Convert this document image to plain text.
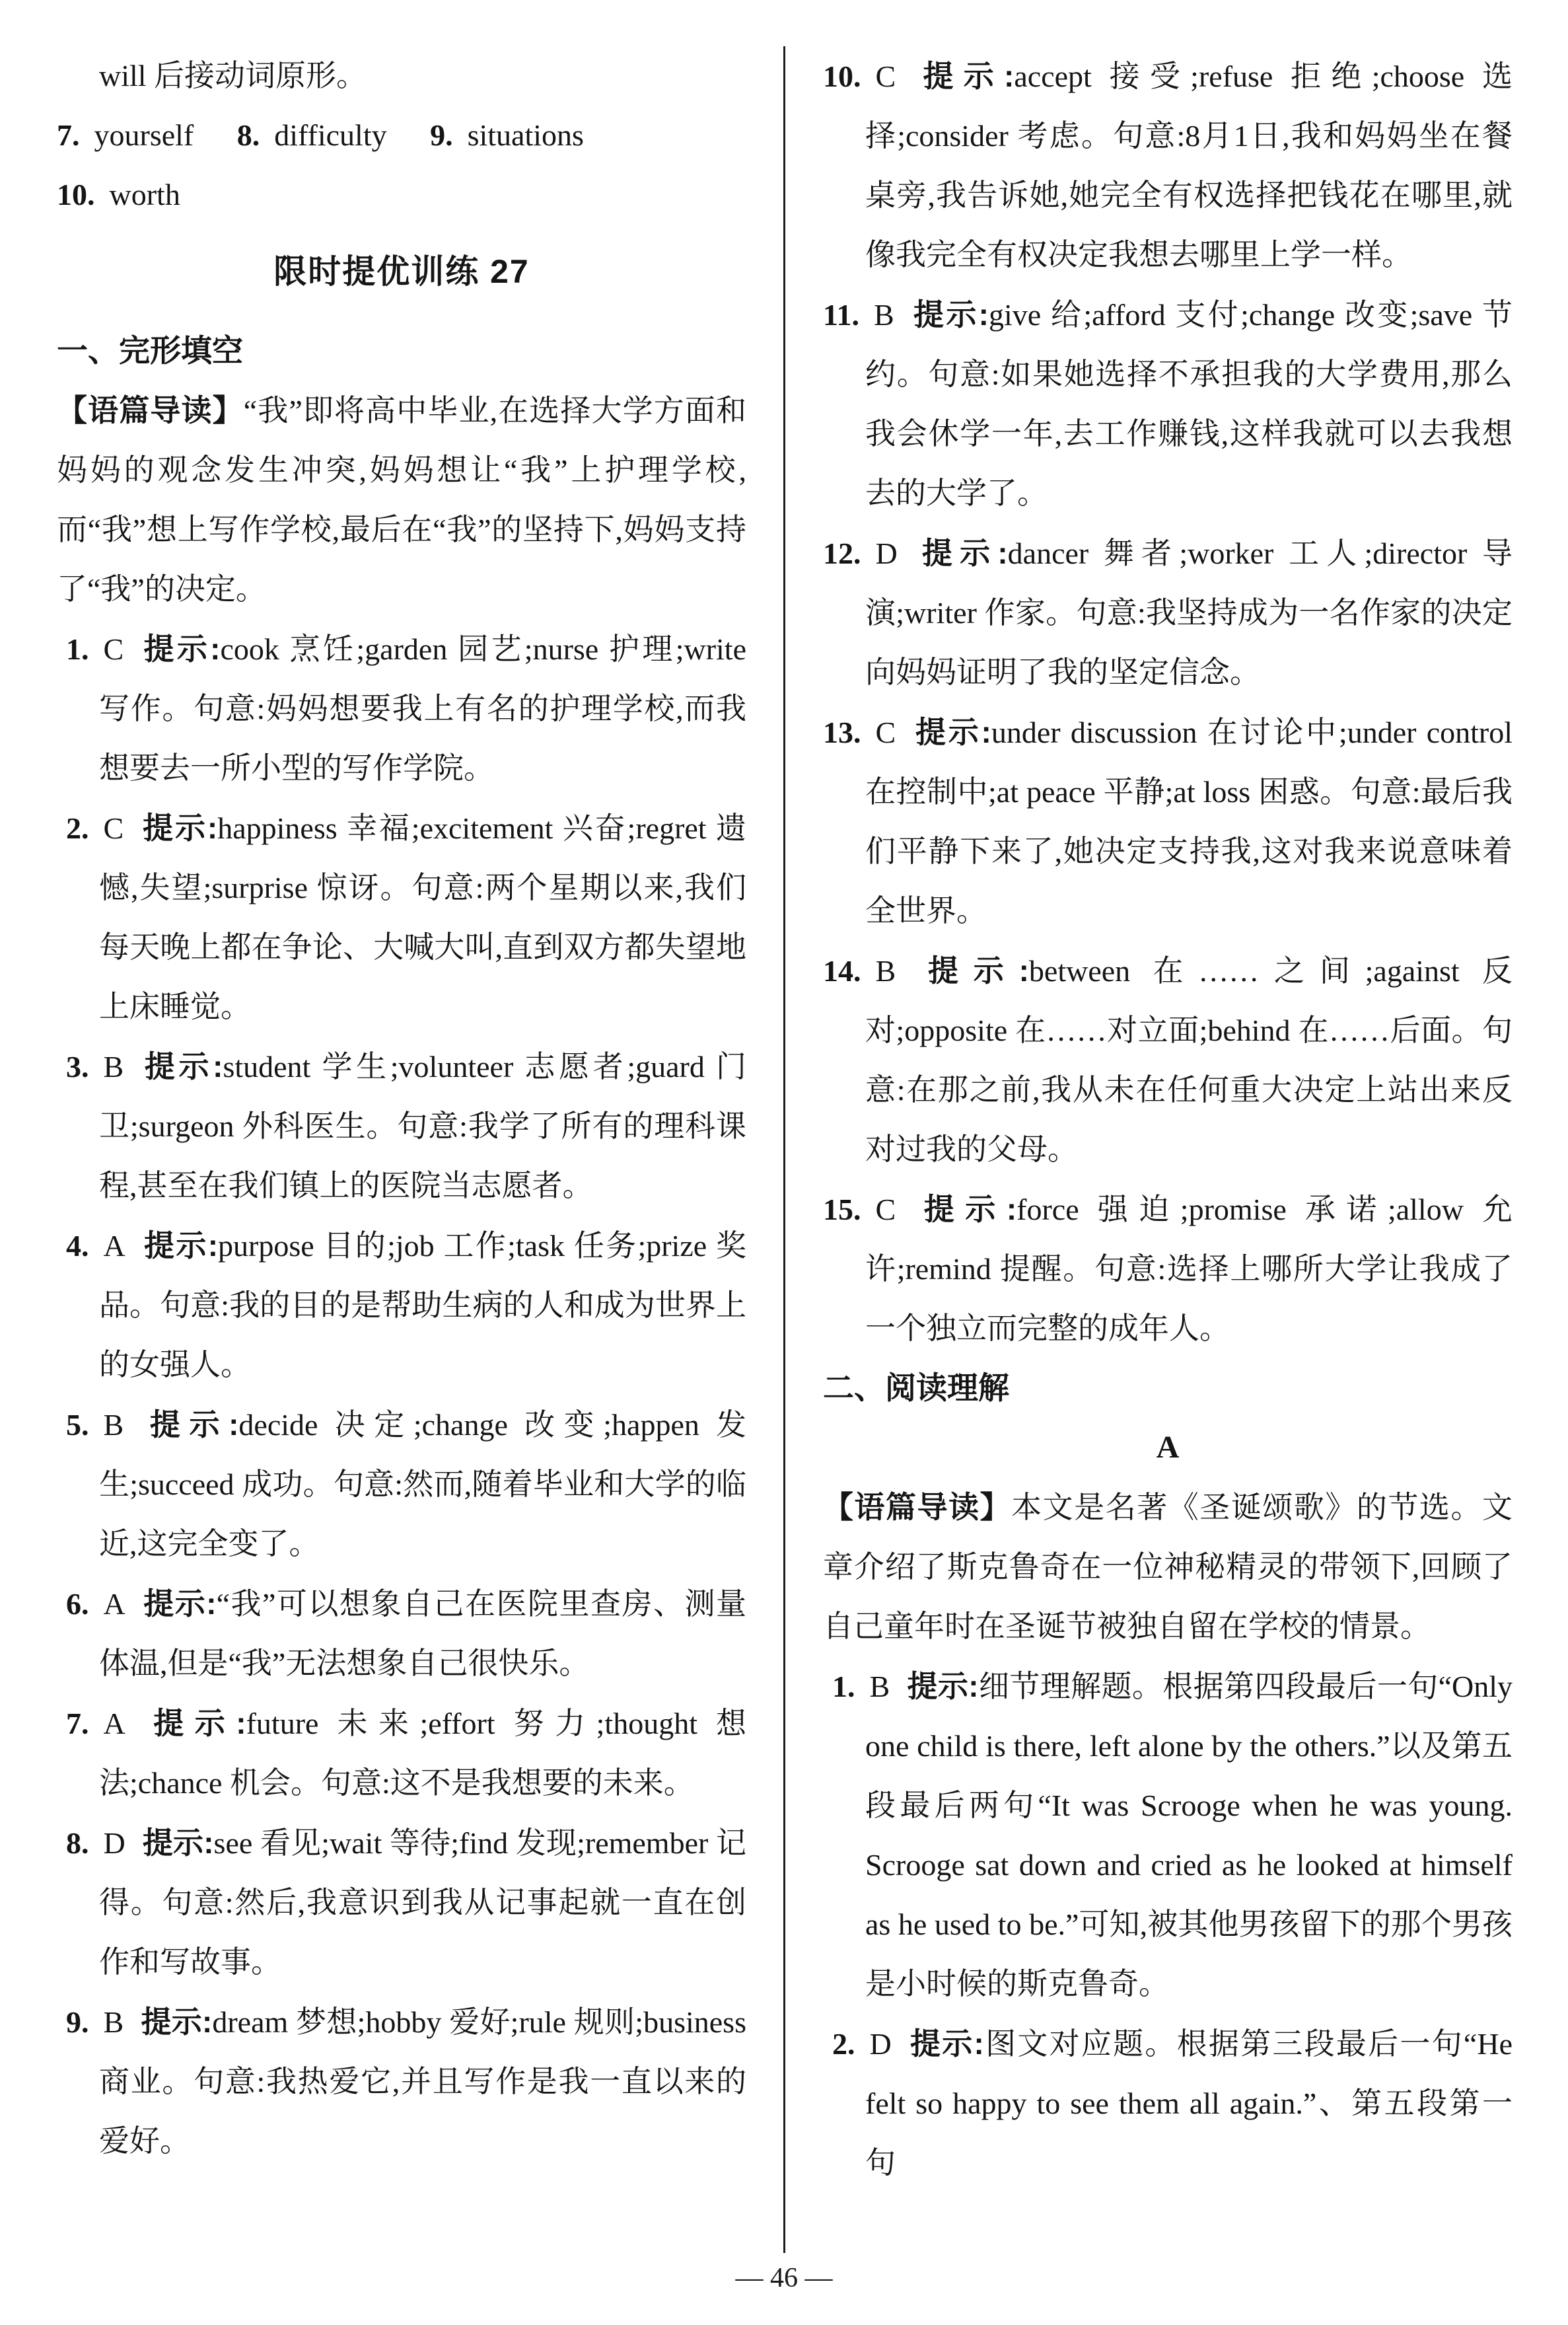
will 后接动词原形。

7. yourself 8. difficulty 9. situations

10. worth

限时提优训练 27
一、完形填空

【语篇导读】“我”即将高中毕业,在选择大学方面和妈妈的观念发生冲突,妈妈想让“我”上护理学校,而“我”想上写作学校,最后在“我”的坚持下,妈妈支持了“我”的决定。

1. C 提示:cook 烹饪;garden 园艺;nurse 护理;write 写作。句意:妈妈想要我上有名的护理学校,而我想要去一所小型的写作学院。
2. C 提示:happiness 幸福;excitement 兴奋;regret 遗憾,失望;surprise 惊讶。句意:两个星期以来,我们每天晚上都在争论、大喊大叫,直到双方都失望地上床睡觉。
3. B 提示:student 学生;volunteer 志愿者;guard 门卫;surgeon 外科医生。句意:我学了所有的理科课程,甚至在我们镇上的医院当志愿者。
4. A 提示:purpose 目的;job 工作;task 任务;prize 奖品。句意:我的目的是帮助生病的人和成为世界上的女强人。
5. B 提示:decide 决定;change 改变;happen 发生;succeed 成功。句意:然而,随着毕业和大学的临近,这完全变了。
6. A 提示:“我”可以想象自己在医院里查房、测量体温,但是“我”无法想象自己很快乐。
7. A 提示:future 未来;effort 努力;thought 想法;chance 机会。句意:这不是我想要的未来。
8. D 提示:see 看见;wait 等待;find 发现;remember 记得。句意:然后,我意识到我从记事起就一直在创作和写故事。
9. B 提示:dream 梦想;hobby 爱好;rule 规则;business 商业。句意:我热爱它,并且写作是我一直以来的爱好。
10. C 提示:accept 接受;refuse 拒绝;choose 选择;consider 考虑。句意:8月1日,我和妈妈坐在餐桌旁,我告诉她,她完全有权选择把钱花在哪里,就像我完全有权决定我想去哪里上学一样。
11. B 提示:give 给;afford 支付;change 改变;save 节约。句意:如果她选择不承担我的大学费用,那么我会休学一年,去工作赚钱,这样我就可以去我想去的大学了。
12. D 提示:dancer 舞者;worker 工人;director 导演;writer 作家。句意:我坚持成为一名作家的决定向妈妈证明了我的坚定信念。
13. C 提示:under discussion 在讨论中;under control 在控制中;at peace 平静;at loss 困惑。句意:最后我们平静下来了,她决定支持我,这对我来说意味着全世界。
14. B 提示:between 在……之间;against 反对;opposite 在……对立面;behind 在……后面。句意:在那之前,我从未在任何重大决定上站出来反对过我的父母。
15. C 提示:force 强迫;promise 承诺;allow 允许;remind 提醒。句意:选择上哪所大学让我成了一个独立而完整的成年人。
二、阅读理解

A

【语篇导读】本文是名著《圣诞颂歌》的节选。文章介绍了斯克鲁奇在一位神秘精灵的带领下,回顾了自己童年时在圣诞节被独自留在学校的情景。

1. B 提示:细节理解题。根据第四段最后一句“Only one child is there, left alone by the others.”以及第五段最后两句“It was Scrooge when he was young. Scrooge sat down and cried as he looked at himself as he used to be.”可知,被其他男孩留下的那个男孩是小时候的斯克鲁奇。
2. D 提示:图文对应题。根据第三段最后一句“He felt so happy to see them all again.”、第五段第一句
— 46 —
